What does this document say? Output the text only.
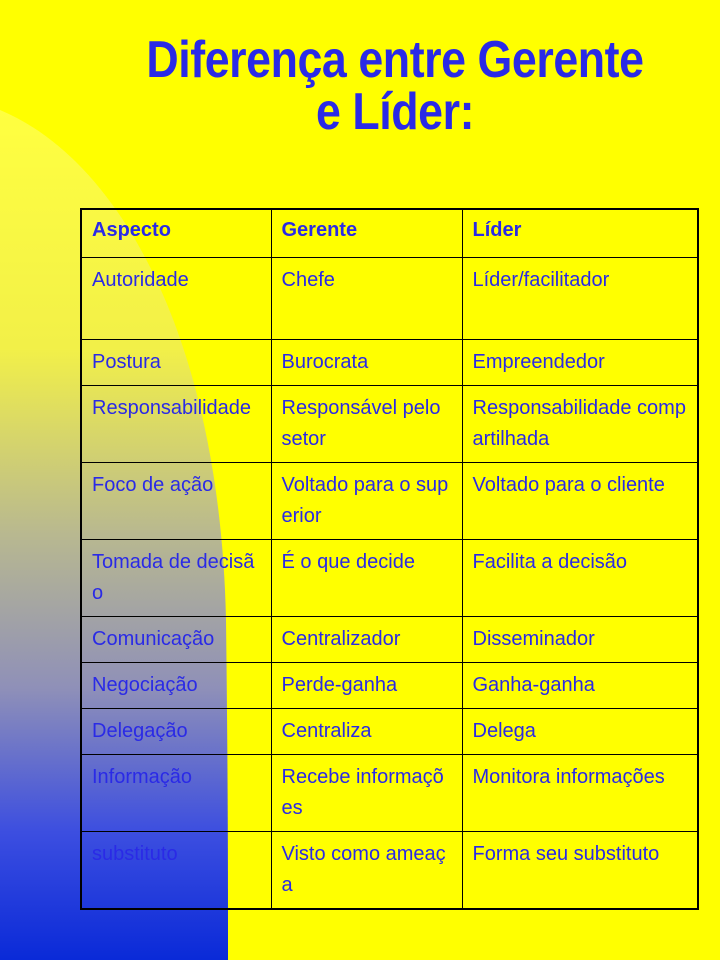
Diferença entre Gerente
e Líder:
Aspecto	Gerente	Líder
Autoridade	Chefe	Líder/facilitador
Postura	Burocrata	Empreendedor
Responsabilidade	Responsável pelo setor	Responsabilidade compartilhada
Foco de ação	Voltado para o superior	Voltado para o cliente
Tomada de decisão	É o que decide	Facilita a decisão
Comunicação	Centralizador	Disseminador
Negociação	Perde-ganha	Ganha-ganha
Delegação	Centraliza	Delega
Informação	Recebe informações	Monitora informações
substituto	Visto como ameaça	Forma seu substituto
